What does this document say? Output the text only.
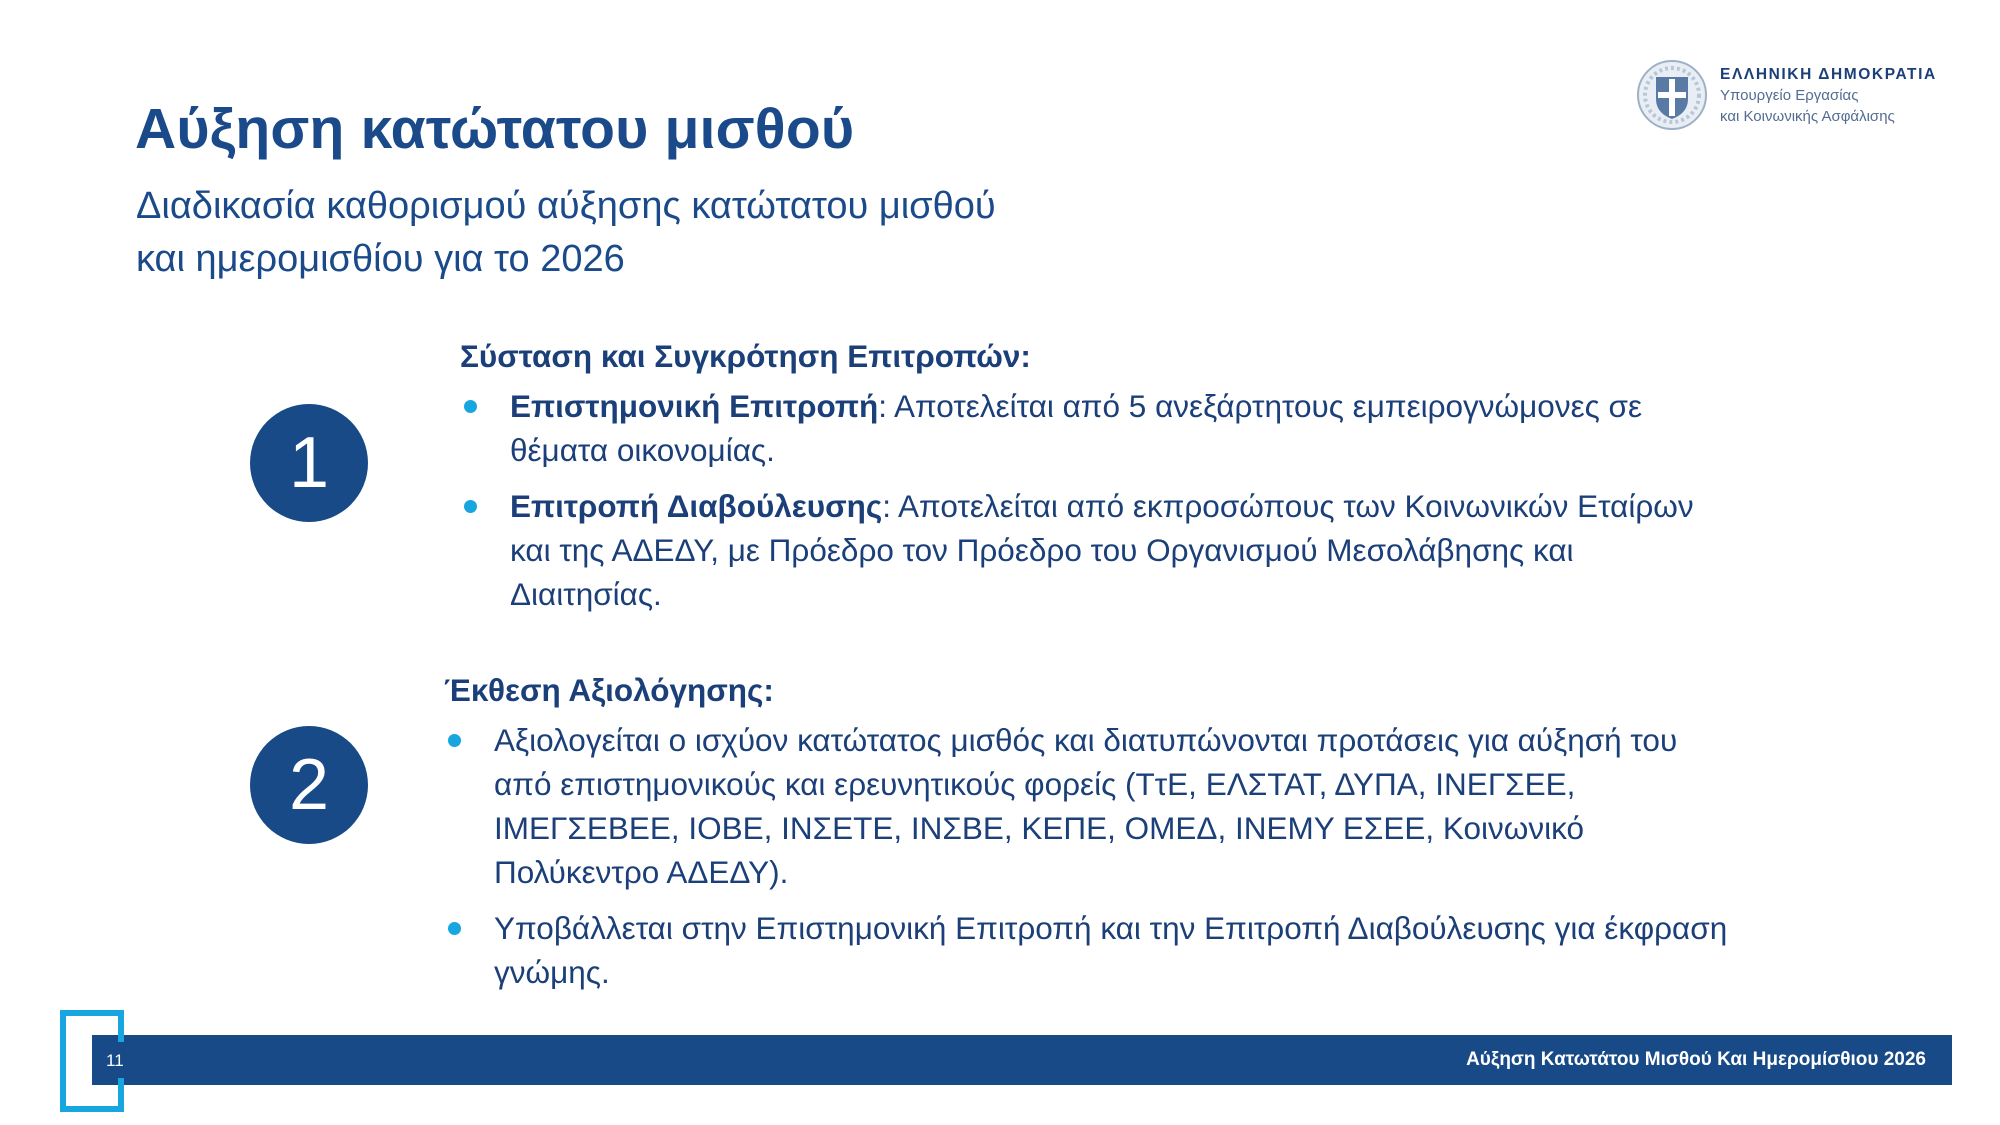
ΕΛΛΗΝΙΚΗ ΔΗΜΟΚΡΑΤΙΑ
Υπουργείο Εργασίας
και Κοινωνικής Ασφάλισης
Αύξηση κατώτατου μισθού
Διαδικασία καθορισμού αύξησης κατώτατου μισθού
και ημερομισθίου για το 2026
1
Σύσταση και Συγκρότηση Επιτροπών:
Επιστημονική Επιτροπή: Αποτελείται από 5 ανεξάρτητους εμπειρογνώμονες σε θέματα οικονομίας.
Επιτροπή Διαβούλευσης: Αποτελείται από εκπροσώπους των Κοινωνικών Εταίρων και της ΑΔΕΔΥ, με Πρόεδρο τον Πρόεδρο του Οργανισμού Μεσολάβησης και Διαιτησίας.
2
Έκθεση Αξιολόγησης:
Αξιολογείται ο ισχύον κατώτατος μισθός και διατυπώνονται προτάσεις για αύξησή του από επιστημονικούς και ερευνητικούς φορείς (ΤτΕ, ΕΛΣΤΑΤ, ΔΥΠΑ, ΙΝΕΓΣΕΕ, ΙΜΕΓΣΕΒΕΕ, ΙΟΒΕ, ΙΝΣΕΤΕ, ΙΝΣΒΕ, ΚΕΠΕ, ΟΜΕΔ, ΙΝΕΜΥ ΕΣΕΕ, Κοινωνικό Πολύκεντρο ΑΔΕΔΥ).
Υποβάλλεται στην Επιστημονική Επιτροπή και την Επιτροπή Διαβούλευσης για έκφραση γνώμης.
11	Αύξηση Κατωτάτου Μισθού Και Ημερομίσθιου 2026
